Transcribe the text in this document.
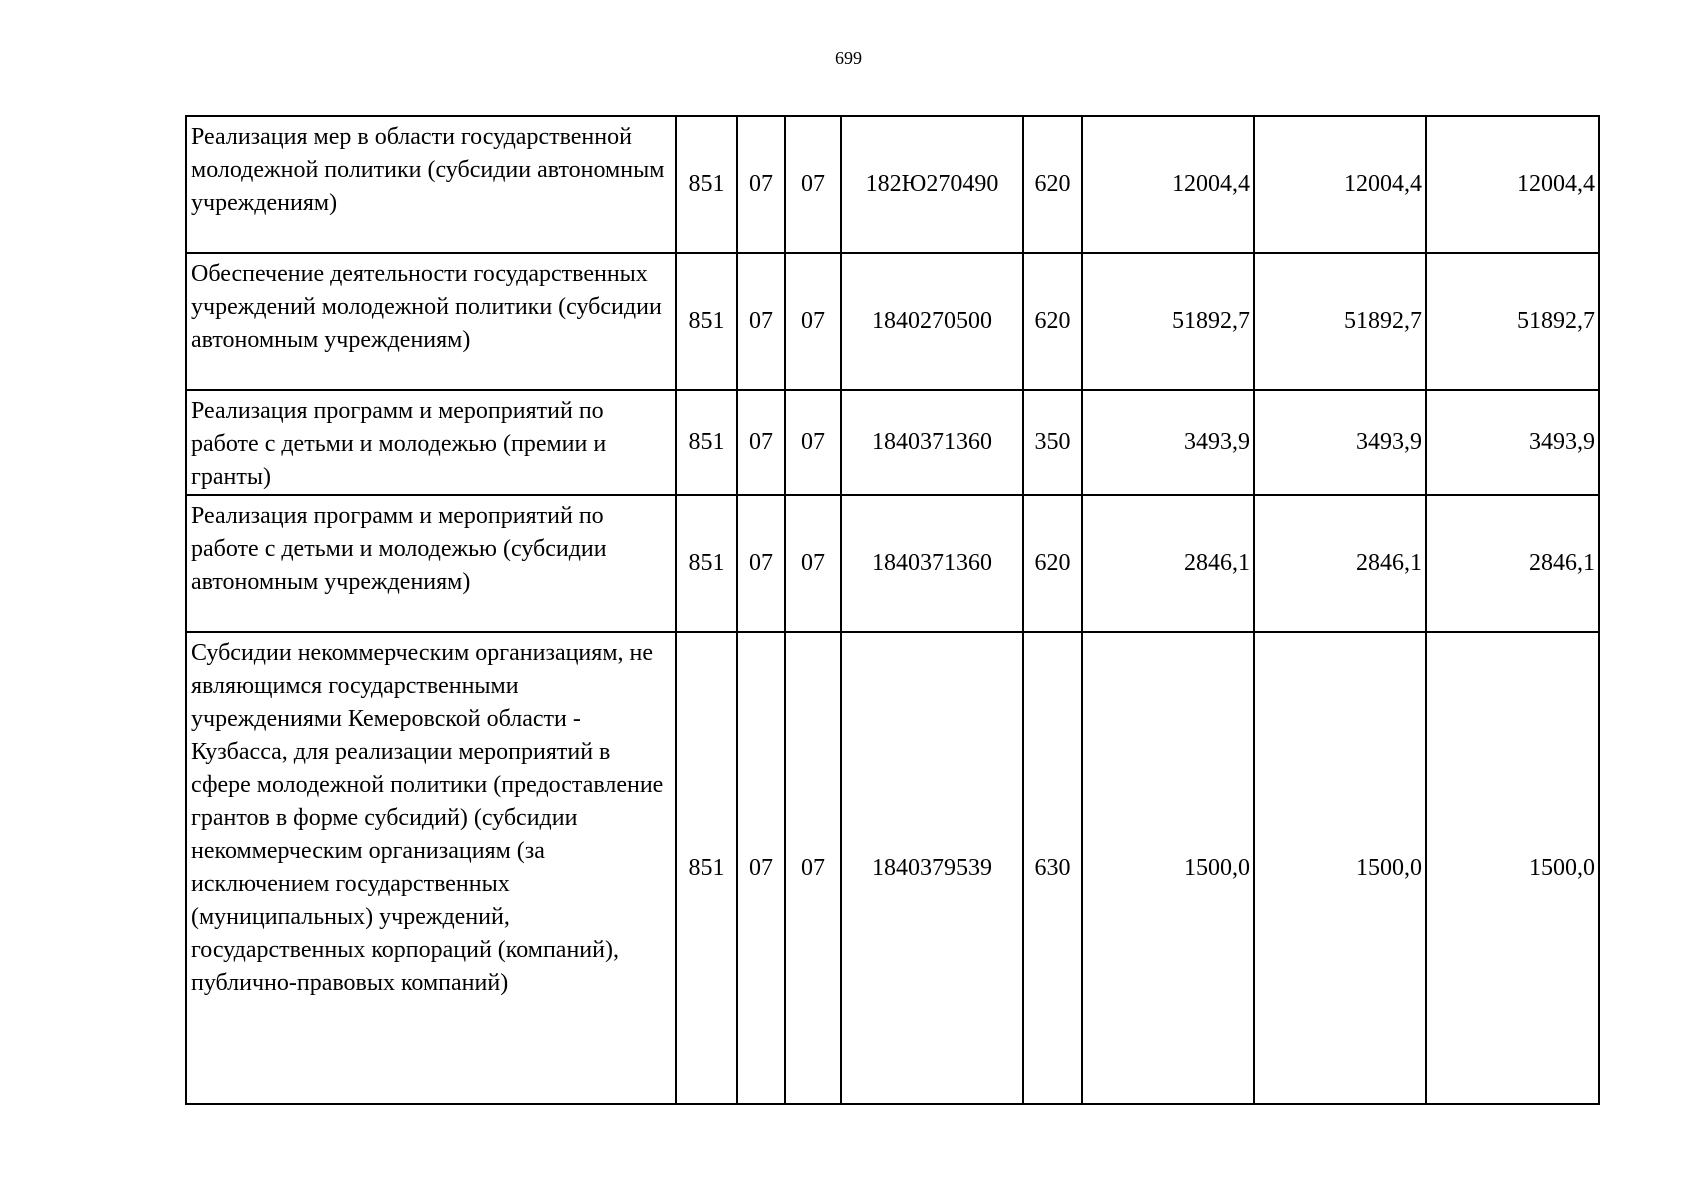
699
Реализация мер в области государственной молодежной политики (субсидии автономным учреждениям)	851	07	07	182Ю270490	620	12004,4	12004,4	12004,4
Обеспечение деятельности государственных учреждений молодежной политики (субсидии автономным учреждениям)	851	07	07	1840270500	620	51892,7	51892,7	51892,7
Реализация программ и мероприятий по работе с детьми и молодежью (премии и гранты)	851	07	07	1840371360	350	3493,9	3493,9	3493,9
Реализация программ и мероприятий по работе с детьми и молодежью (субсидии автономным учреждениям)	851	07	07	1840371360	620	2846,1	2846,1	2846,1
Субсидии некоммерческим организациям, не являющимся государственными учреждениями Кемеровской области - Кузбасса, для реализации мероприятий в сфере молодежной политики (предоставление грантов в форме субсидий) (субсидии некоммерческим организациям (за исключением государственных (муниципальных) учреждений, государственных корпораций (компаний), публично-правовых компаний)	851	07	07	1840379539	630	1500,0	1500,0	1500,0
